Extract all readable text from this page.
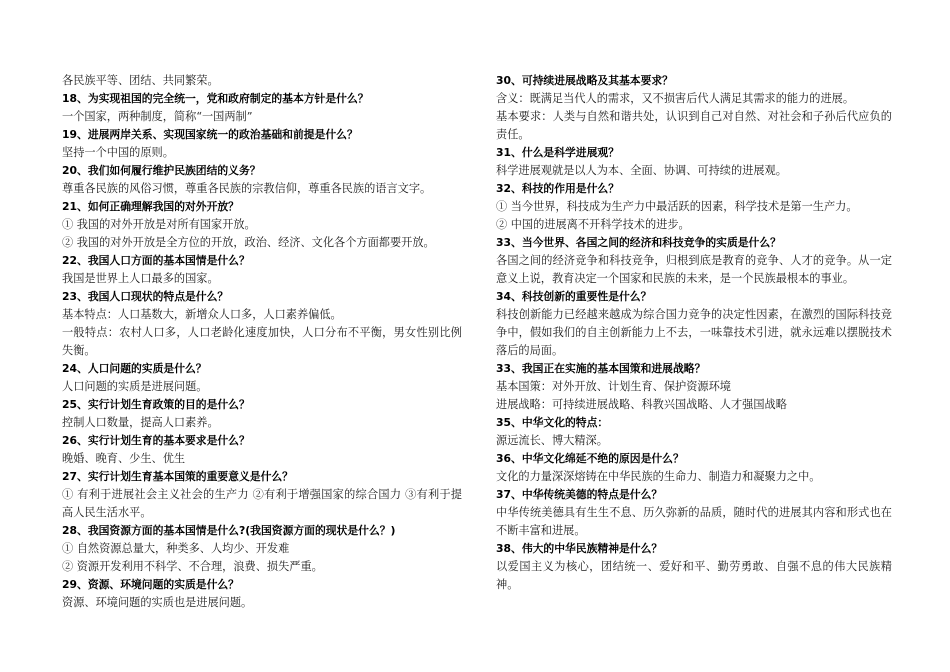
各民族平等、团结、共同繁荣。

18、为实现祖国的完全统一，党和政府制定的基本方针是什么？

一个国家，两种制度，简称“一国两制”

19、进展两岸关系、实现国家统一的政治基础和前提是什么？

坚持一个中国的原则。

20、我们如何履行维护民族团结的义务？

尊重各民族的风俗习惯，尊重各民族的宗教信仰，尊重各民族的语言文字。

21、如何正确理解我国的对外开放？

① 我国的对外开放是对所有国家开放。

② 我国的对外开放是全方位的开放，政治、经济、文化各个方面都要开放。

22、我国人口方面的基本国情是什么？

我国是世界上人口最多的国家。

23、我国人口现状的特点是什么？

基本特点：人口基数大，新增众人口多，人口素养偏低。

一般特点：农村人口多，人口老龄化速度加快，人口分布不平衡，男女性别比例失衡。

24、人口问题的实质是什么？

人口问题的实质是进展问题。

25、实行计划生育政策的目的是什么？

控制人口数量，提高人口素养。

26、实行计划生育的基本要求是什么？

晚婚、晚育、少生、优生

27、实行计划生育基本国策的重要意义是什么？

① 有利于进展社会主义社会的生产力 ②有利于增强国家的综合国力 ③有利于提高人民生活水平。

28、我国资源方面的基本国情是什么?(我国资源方面的现状是什么？)

① 自然资源总量大，种类多、人均少、开发难

② 资源开发利用不科学、不合理，浪费、损失严重。

29、资源、环境问题的实质是什么？

资源、环境问题的实质也是进展问题。

30、可持续进展战略及其基本要求？

含义：既满足当代人的需求，又不损害后代人满足其需求的能力的进展。

基本要求：人类与自然和谐共处，认识到自己对自然、对社会和子孙后代应负的责任。

31、什么是科学进展观？

科学进展观就是以人为本、全面、协调、可持续的进展观。

32、科技的作用是什么？

① 当今世界，科技成为生产力中最活跃的因素，科学技术是第一生产力。

② 中国的进展离不开科学技术的进步。

33、当今世界、各国之间的经济和科技竞争的实质是什么？

各国之间的经济竞争和科技竞争，归根到底是教育的竞争、人才的竞争。从一定意义上说，教育决定一个国家和民族的未来，是一个民族最根本的事业。

34、科技创新的重要性是什么？

科技创新能力已经越来越成为综合国力竞争的决定性因素，在激烈的国际科技竞争中，假如我们的自主创新能力上不去，一味靠技术引进，就永远难以摆脱技术落后的局面。

33、我国正在实施的基本国策和进展战略？

基本国策：对外开放、计划生育、保护资源环境

进展战略：可持续进展战略、科教兴国战略、人才强国战略

35、中华文化的特点：

源远流长、博大精深。

36、中华文化绵延不绝的原因是什么？

文化的力量深深熔铸在中华民族的生命力、制造力和凝聚力之中。

37、中华传统美德的特点是什么？

中华传统美德具有生生不息、历久弥新的品质，随时代的进展其内容和形式也在不断丰富和进展。

38、伟大的中华民族精神是什么？

以爱国主义为核心，团结统一、爱好和平、勤劳勇敢、自强不息的伟大民族精神。
